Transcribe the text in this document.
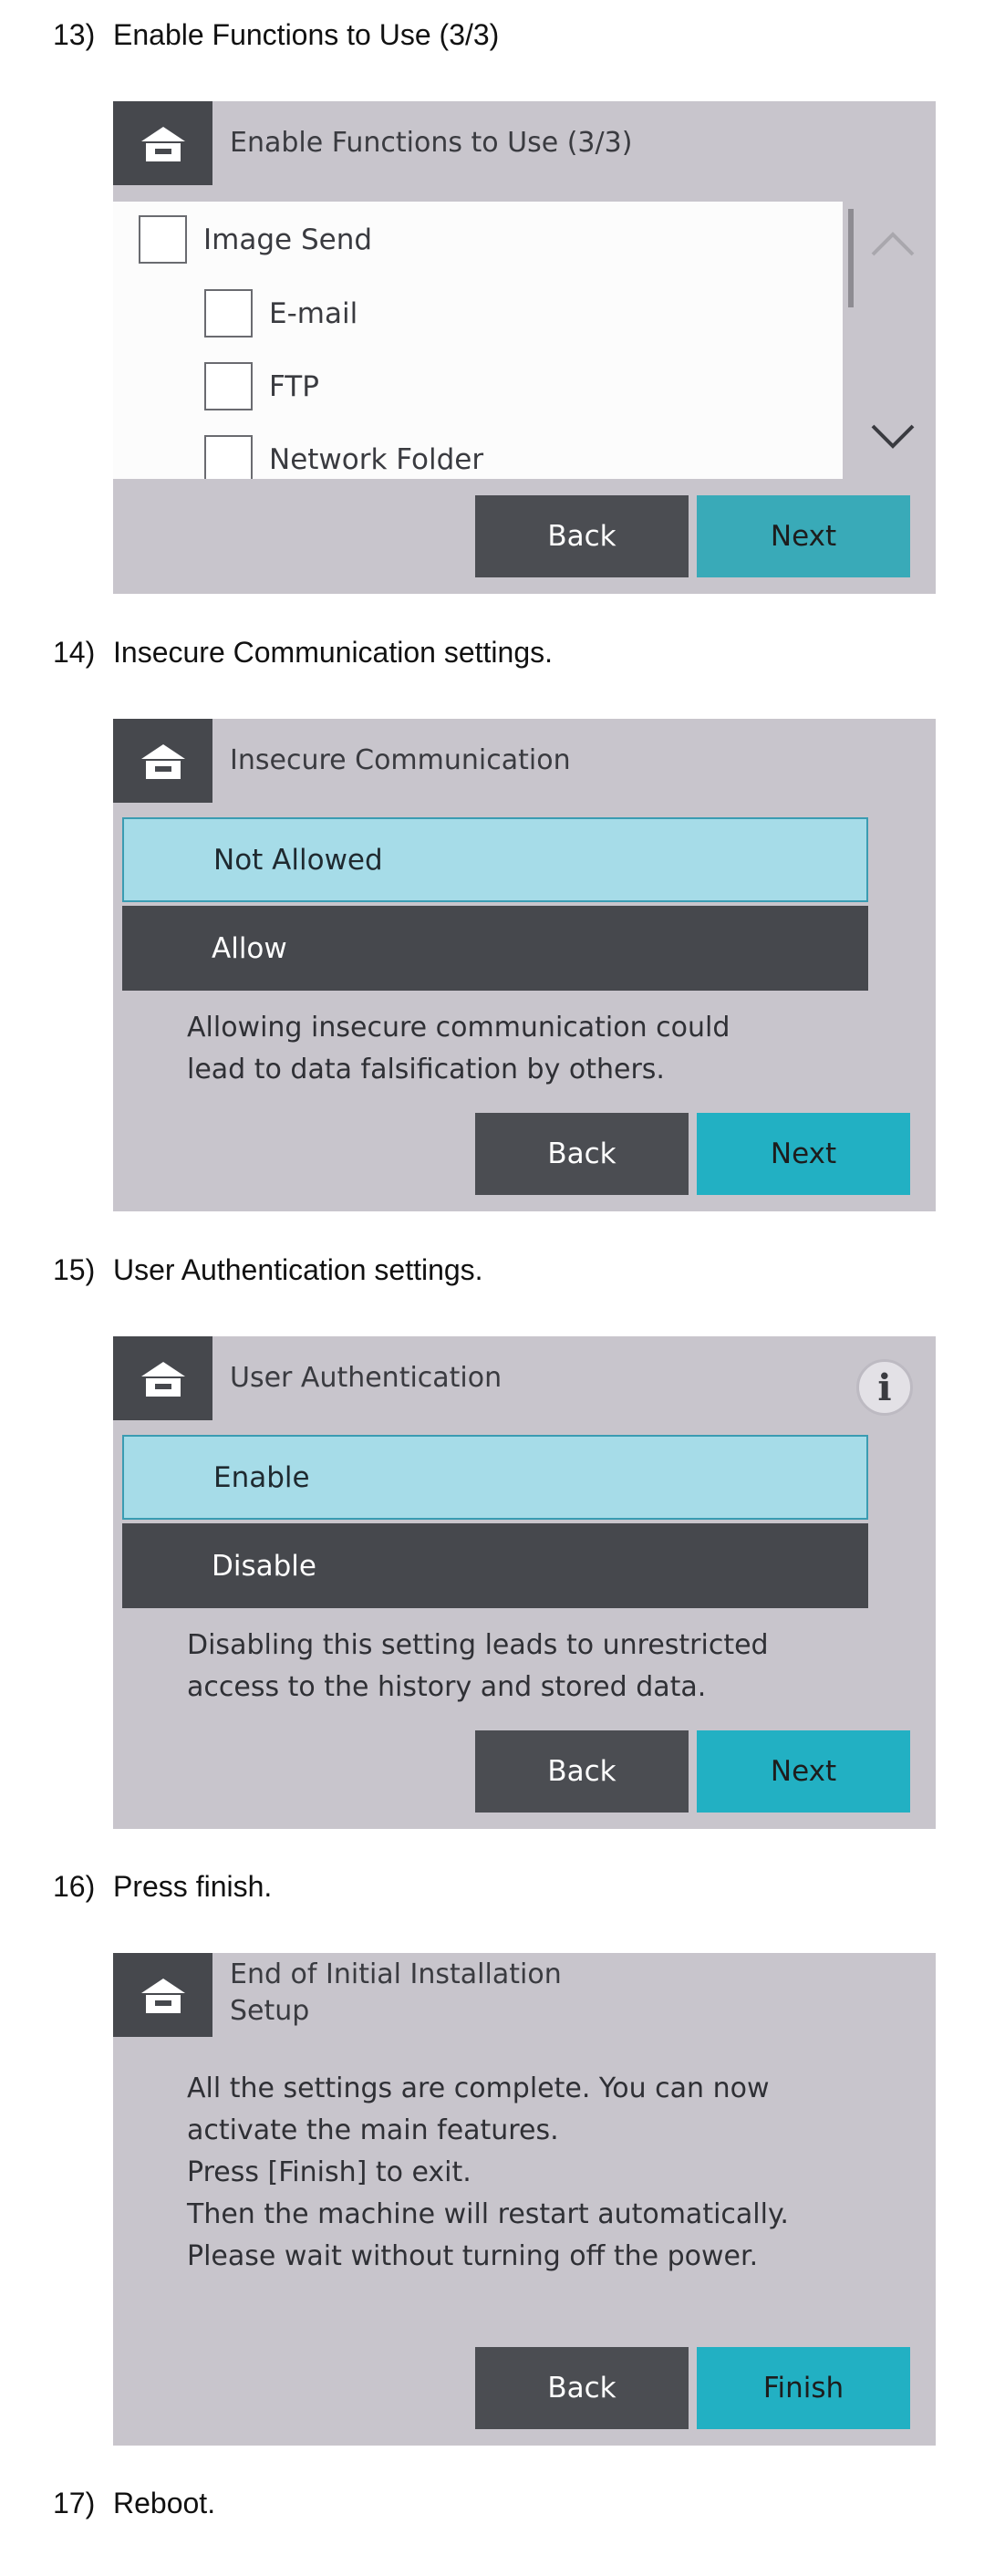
13) Enable Functions to Use (3/3)
Enable Functions to Use (3/3)
Image Send
E-mail
FTP
Network Folder
Back	Next
14) Insecure Communication settings.
Insecure Communication
Not Allowed
Allow
Allowing insecure communication could
lead to data falsification by others.
Back	Next
15) User Authentication settings.
User Authentication	i
Enable
Disable
Disabling this setting leads to unrestricted
access to the history and stored data.
Back	Next
16) Press finish.
End of Initial Installation
Setup
All the settings are complete. You can now
activate the main features.
Press [Finish] to exit.
Then the machine will restart automatically.
Please wait without turning off the power.
Back	Finish
17) Reboot.
